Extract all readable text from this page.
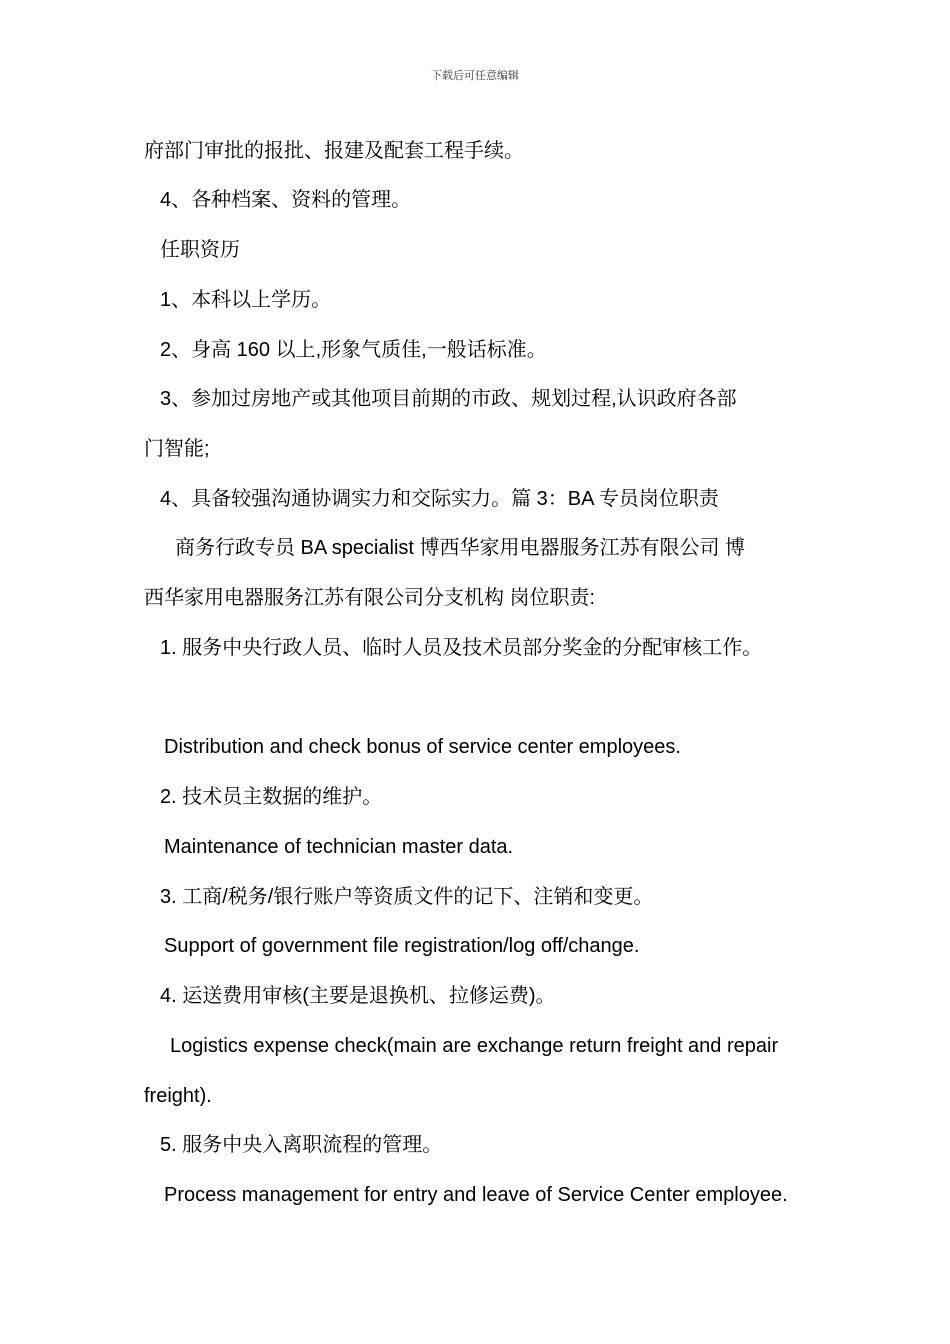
下载后可任意编辑
府部门审批的报批、报建及配套工程手续。
4、各种档案、资料的管理。
任职资历
1、本科以上学历。
2、身高 160 以上,形象气质佳,一般话标准。
3、参加过房地产或其他项目前期的市政、规划过程,认识政府各部
门智能;
4、具备较强沟通协调实力和交际实力。篇 3：BA 专员岗位职责
商务行政专员 BA specialist 博西华家用电器服务江苏有限公司 博
西华家用电器服务江苏有限公司分支机构 岗位职责:
1. 服务中央行政人员、临时人员及技术员部分奖金的分配审核工作。
Distribution and check bonus of service center employees.
2. 技术员主数据的维护。
Maintenance of technician master data.
3. 工商/税务/银行账户等资质文件的记下、注销和变更。
Support of government file registration/log off/change.
4. 运送费用审核(主要是退换机、拉修运费)。
Logistics expense check(main are exchange return freight and repair
freight).
5. 服务中央入离职流程的管理。
Process management for entry and leave of Service Center employee.
